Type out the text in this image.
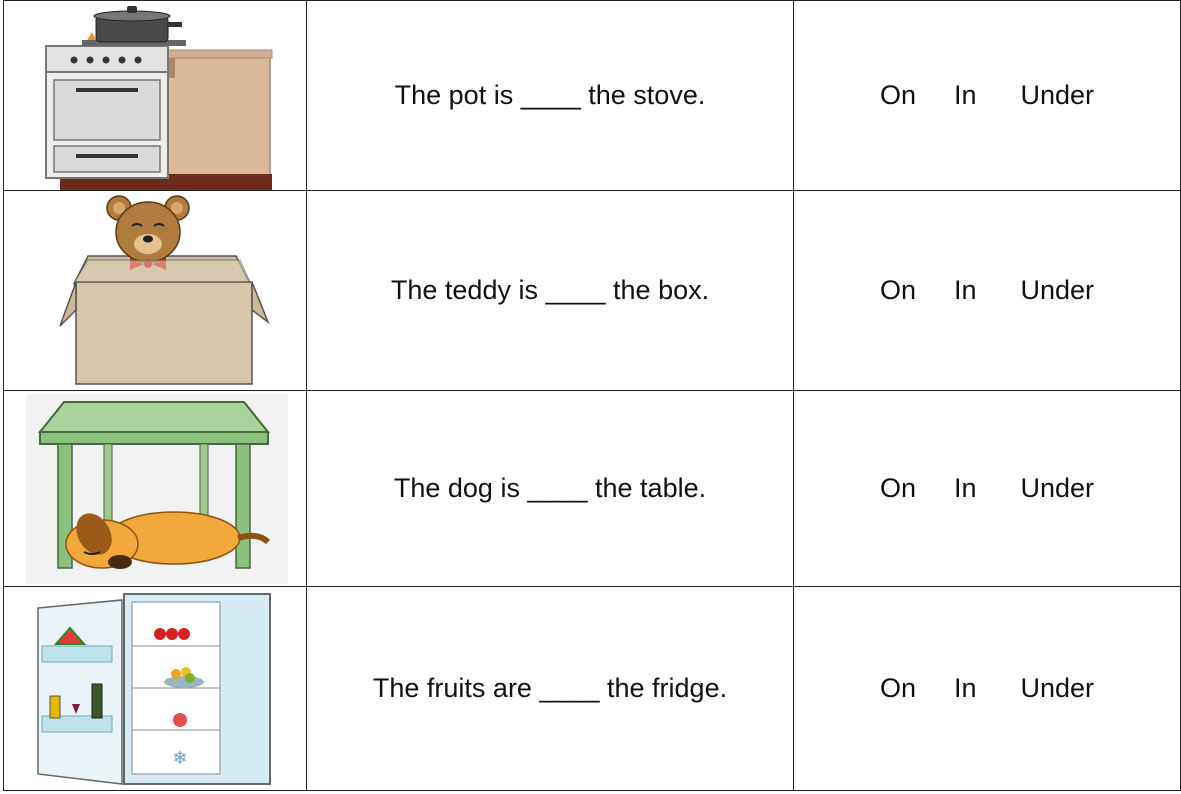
	The pot is ____ the stove.	On In Under

	The teddy is ____ the box.	On In Under

	The dog is ____ the table.	On In Under

❄	The fruits are ____ the fridge.	On In Under
